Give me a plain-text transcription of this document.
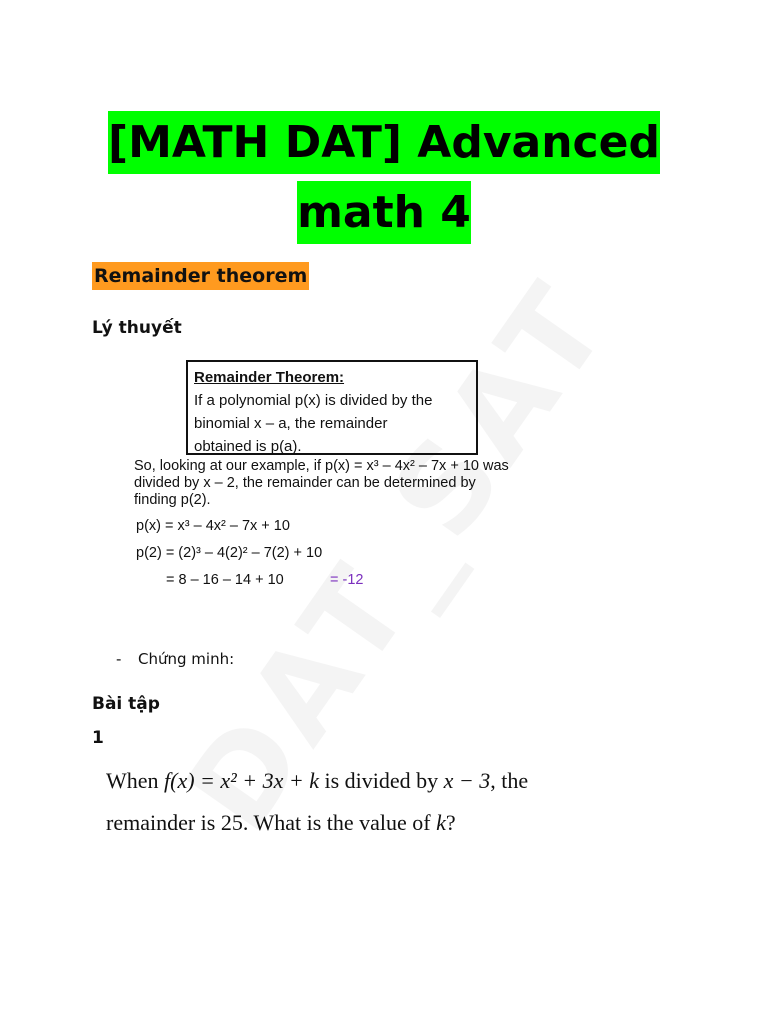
[MATH DAT] Advanced
math 4
Remainder theorem
Lý thuyết
Remainder Theorem:
If a polynomial p(x) is divided by the
binomial x – a, the remainder
obtained is p(a).
So, looking at our example, if p(x) = x³ – 4x² – 7x + 10 was
divided by x – 2, the remainder can be determined by
finding p(2).
p(x) = x³ – 4x² – 7x + 10
p(2) = (2)³ – 4(2)² – 7(2) + 10
= 8 – 16 – 14 + 10	= -12
- Chứng minh:
Bài tập
1
When f(x) = x² + 3x + k is divided by x − 3, the
remainder is 25. What is the value of k?
